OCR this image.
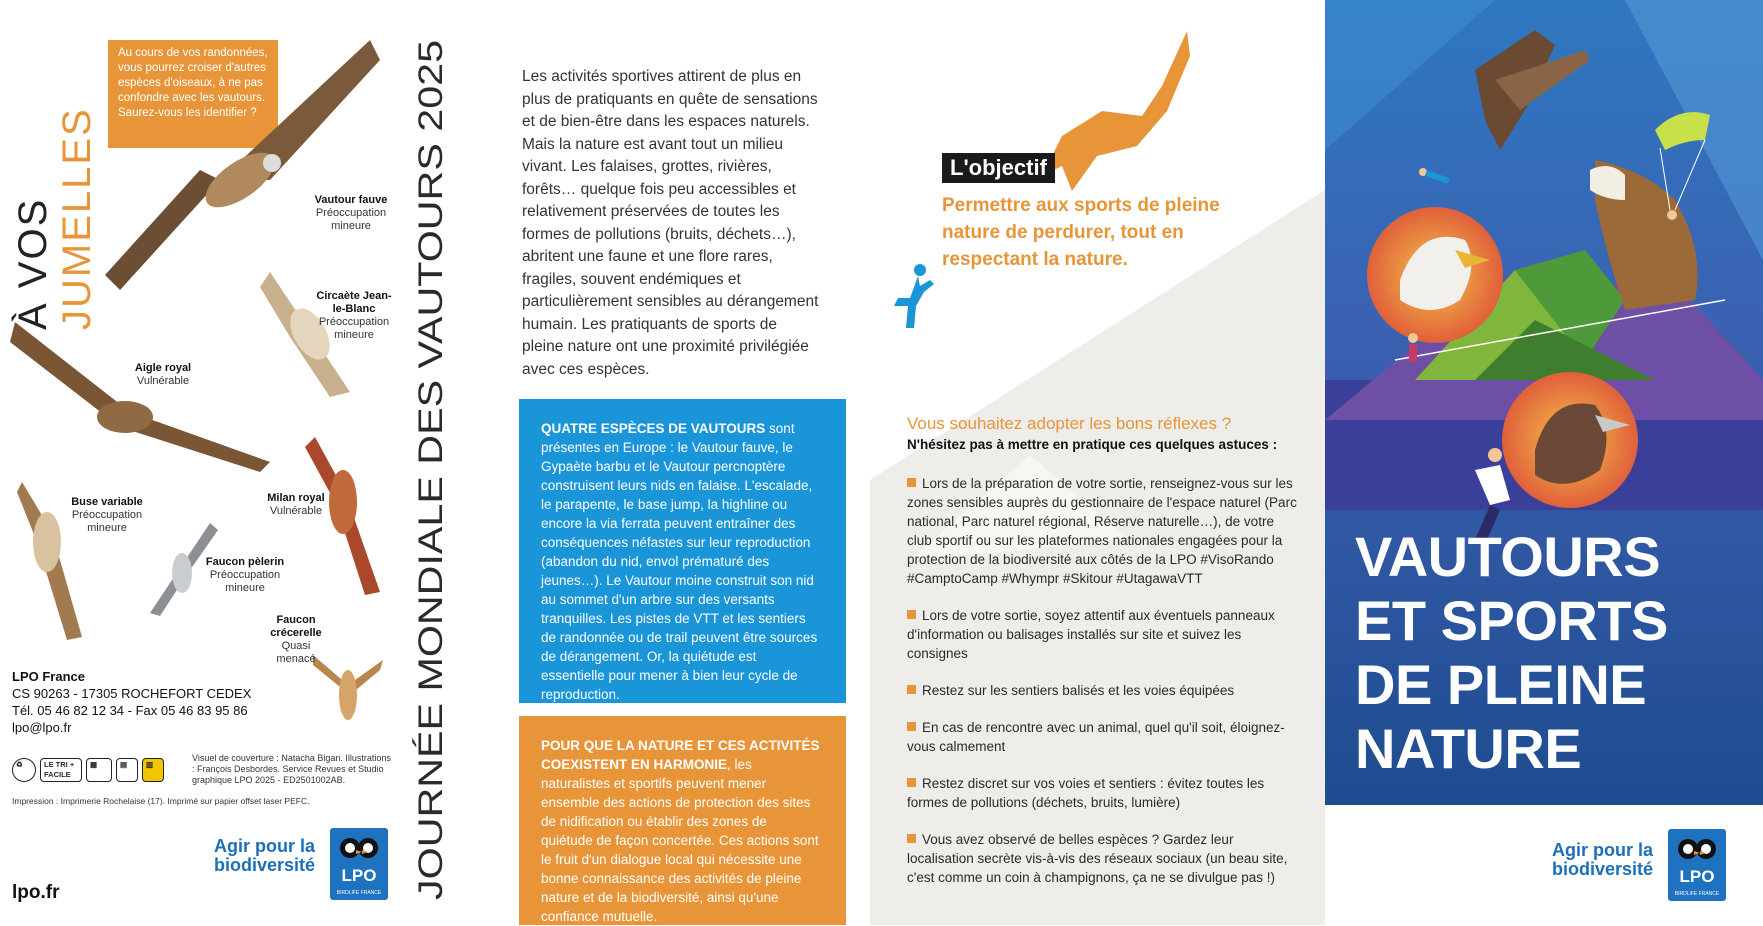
À VOS JUMELLES
Au cours de vos randonnées, vous pourrez croiser d'autres espèces d'oiseaux, à ne pas confondre avec les vautours. Saurez-vous les identifier ?
Vautour fauve
Préoccupation mineure
Circaète Jean-le-Blanc
Préoccupation mineure
Aigle royal
Vulnérable
Buse variable
Préoccupation mineure
Milan royal
Vulnérable
Faucon pèlerin
Préoccupation mineure
Faucon crécerelle
Quasi menacé
LPO France
CS 90263 - 17305 ROCHEFORT CEDEX
Tél. 05 46 82 12 34 - Fax 05 46 83 95 86
lpo@lpo.fr
♻	LE TRI + FACILE
▦	▤	▥
Visuel de couverture : Natacha Bigan. Illustrations : François Desbordes. Service Revues et Studio graphique LPO 2025 - ED2501002AB.
Impression : Imprimerie Rochelaise (17). Imprimé sur papier offset laser PEFC.
Agir pour la biodiversité
LPO
BIRDLIFE FRANCE
lpo.fr	JOURNÉE MONDIALE DES VAUTOURS 2025
Les activités sportives attirent de plus en plus de pratiquants en quête de sensations et de bien-être dans les espaces naturels. Mais la nature est avant tout un milieu vivant. Les falaises, grottes, rivières, forêts… quelque fois peu accessibles et relativement préservées de toutes les formes de pollutions (bruits, déchets…), abritent une faune et une flore rares, fragiles, souvent endémiques et particulièrement sensibles au dérangement humain. Les pratiquants de sports de pleine nature ont une proximité privilégiée avec ces espèces.
QUATRE ESPÈCES DE VAUTOURS sont présentes en Europe : le Vautour fauve, le Gypaète barbu et le Vautour percnoptère construisent leurs nids en falaise. L'escalade, le parapente, le base jump, la highline ou encore la via ferrata peuvent entraîner des conséquences néfastes sur leur reproduction (abandon du nid, envol prématuré des jeunes…). Le Vautour moine construit son nid au sommet d'un arbre sur des versants tranquilles. Les pistes de VTT et les sentiers de randonnée ou de trail peuvent être sources de dérangement. Or, la quiétude est essentielle pour mener à bien leur cycle de reproduction.
POUR QUE LA NATURE ET CES ACTIVITÉS COEXISTENT EN HARMONIE, les naturalistes et sportifs peuvent mener ensemble des actions de protection des sites de nidification ou établir des zones de quiétude de façon concertée. Ces actions sont le fruit d'un dialogue local qui nécessite une bonne connaissance des activités de pleine nature et de la biodiversité, ainsi qu'une confiance mutuelle.
L'objectif
Permettre aux sports de pleine nature de perdurer, tout en respectant la nature.
Vous souhaitez adopter les bons réflexes ?
N'hésitez pas à mettre en pratique ces quelques astuces :
Lors de la préparation de votre sortie, renseignez-vous sur les zones sensibles auprès du gestionnaire de l'espace naturel (Parc national, Parc naturel régional, Réserve naturelle…), de votre club sportif ou sur les plateformes nationales engagées pour la protection de la biodiversité aux côtés de la LPO #VisoRando #CamptoCamp #Whympr #Skitour #UtagawaVTT
Lors de votre sortie, soyez attentif aux éventuels panneaux d'information ou balisages installés sur site et suivez les consignes
Restez sur les sentiers balisés et les voies équipées
En cas de rencontre avec un animal, quel qu'il soit, éloignez-vous calmement
Restez discret sur vos voies et sentiers : évitez toutes les formes de pollutions (déchets, bruits, lumière)
Vous avez observé de belles espèces ? Gardez leur localisation secrète vis-à-vis des réseaux sociaux (un beau site, c'est comme un coin à champignons, ça ne se divulgue pas !)
VAUTOURS ET SPORTS DE PLEINE NATURE
Agir pour la biodiversité	LPO
BIRDLIFE FRANCE
